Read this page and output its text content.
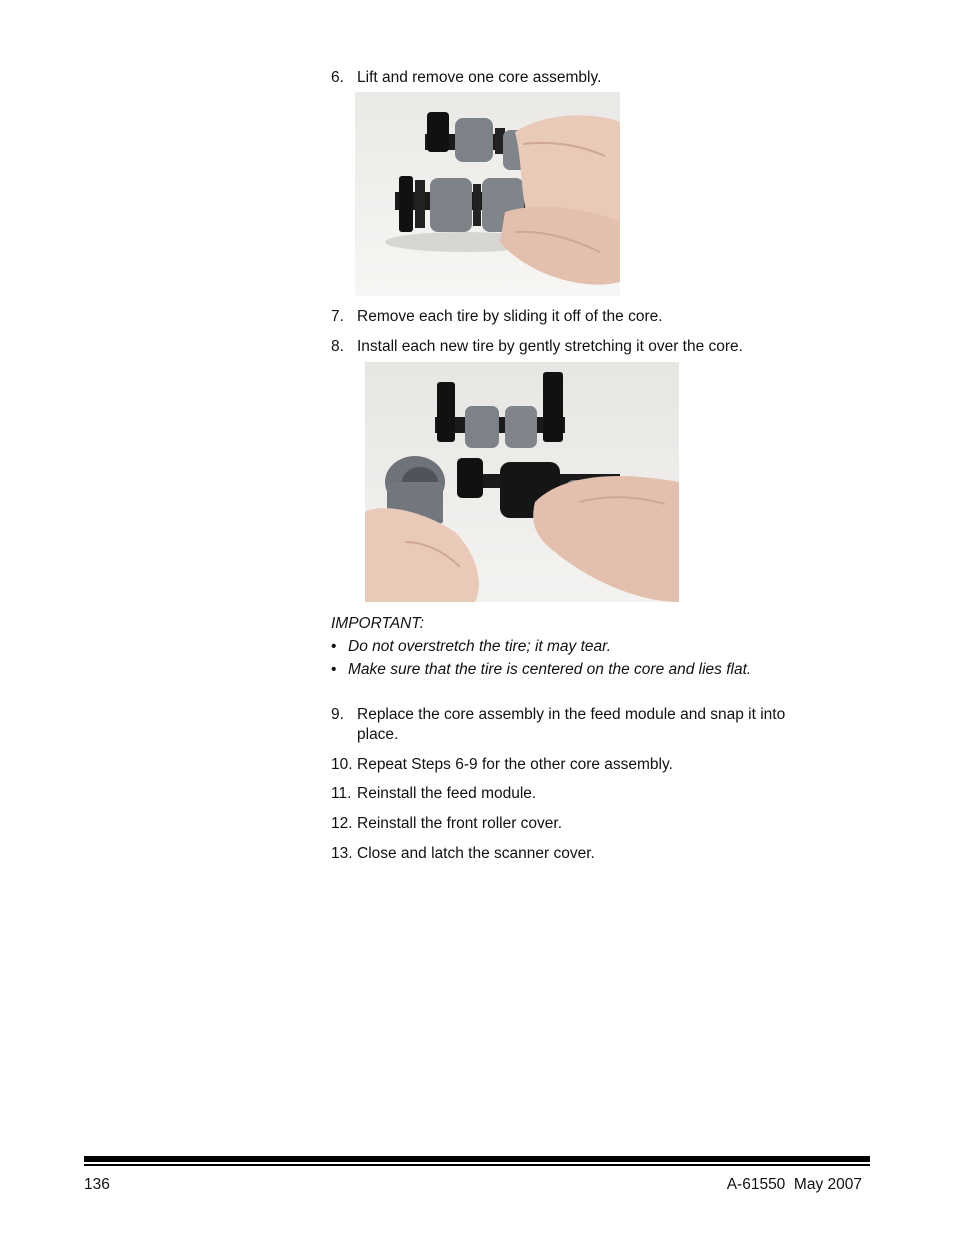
6. Lift and remove one core assembly.
7. Remove each tire by sliding it off of the core.
8. Install each new tire by gently stretching it over the core.
IMPORTANT:
• Do not overstretch the tire; it may tear.
• Make sure that the tire is centered on the core and lies flat.
9. Replace the core assembly in the feed module and snap it into
place.
10. Repeat Steps 6-9 for the other core assembly.
11. Reinstall the feed module.
12. Reinstall the front roller cover.
13. Close and latch the scanner cover.
136	A-61550  May 2007
